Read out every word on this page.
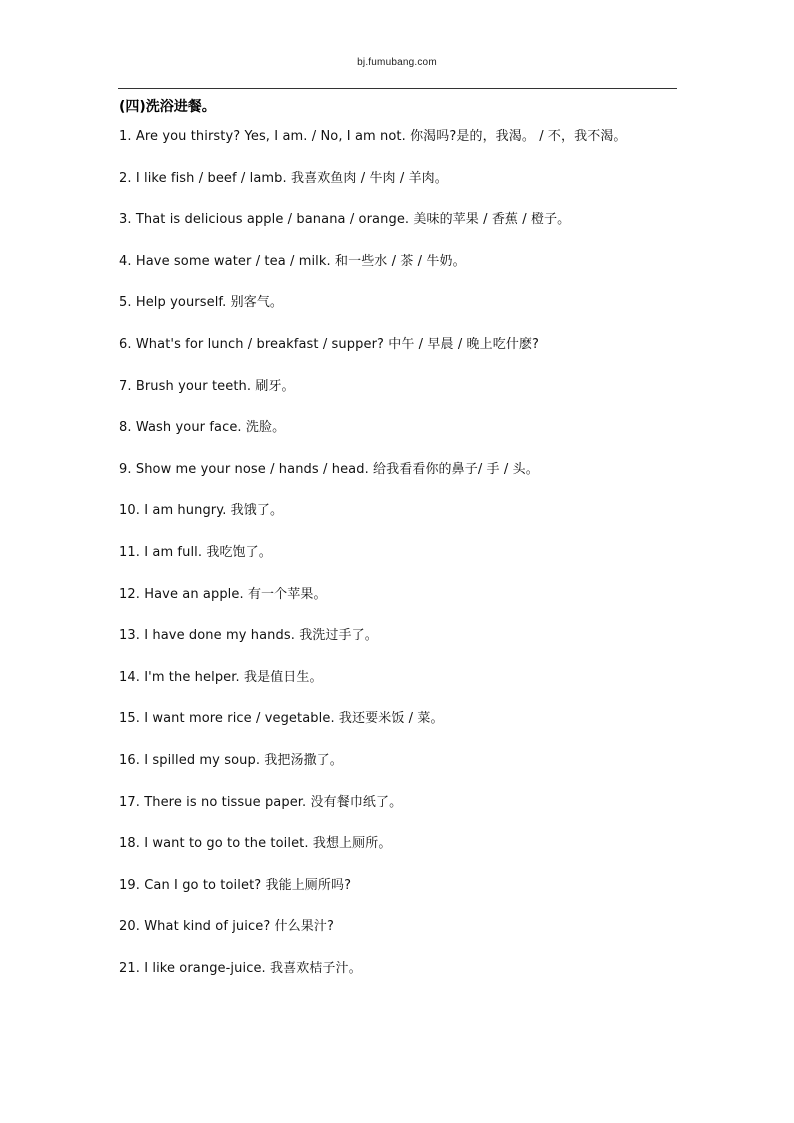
bj.fumubang.com
(四)洗浴进餐。
1. Are you thirsty? Yes, I am. / No, I am not. 你渴吗?是的，我渴。 / 不，我不渴。
2. I like fish / beef / lamb. 我喜欢鱼肉 / 牛肉 / 羊肉。
3. That is delicious apple / banana / orange. 美味的苹果 / 香蕉 / 橙子。
4. Have some water / tea / milk. 和一些水 / 茶 / 牛奶。
5. Help yourself. 别客气。
6. What's for lunch / breakfast / supper? 中午 / 早晨 / 晚上吃什麽?
7. Brush your teeth. 刷牙。
8. Wash your face. 洗脸。
9. Show me your nose / hands / head. 给我看看你的鼻子/ 手 / 头。
10. I am hungry. 我饿了。
11. I am full. 我吃饱了。
12. Have an apple. 有一个苹果。
13. I have done my hands. 我洗过手了。
14. I'm the helper. 我是值日生。
15. I want more rice / vegetable. 我还要米饭 / 菜。
16. I spilled my soup. 我把汤撒了。
17. There is no tissue paper. 没有餐巾纸了。
18. I want to go to the toilet. 我想上厕所。
19. Can I go to toilet? 我能上厕所吗?
20. What kind of juice? 什么果汁?
21. I like orange-juice. 我喜欢桔子汁。
